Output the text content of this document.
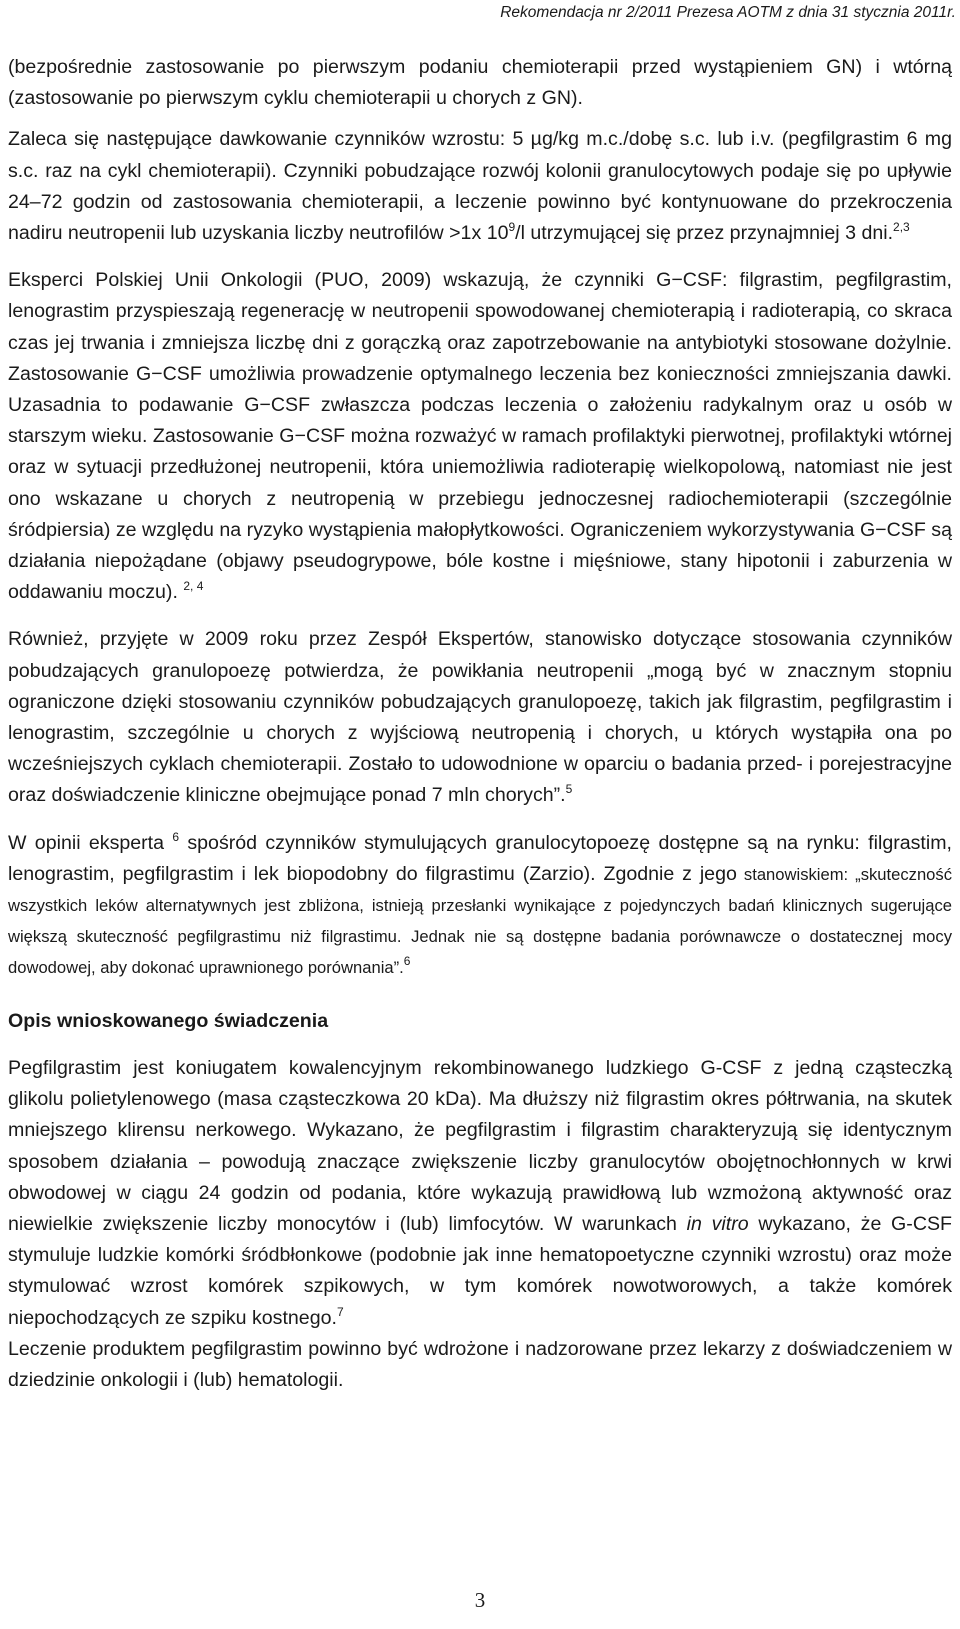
Rekomendacja nr 2/2011 Prezesa AOTM z dnia 31 stycznia 2011r.

(bezpośrednie zastosowanie po pierwszym podaniu chemioterapii przed wystąpieniem GN) i wtórną (zastosowanie po pierwszym cyklu chemioterapii u chorych z GN).

Zaleca się następujące dawkowanie czynników wzrostu: 5 µg/kg m.c./dobę s.c. lub i.v. (pegfilgrastim 6 mg s.c. raz na cykl chemioterapii). Czynniki pobudzające rozwój kolonii granulocytowych podaje się po upływie 24–72 godzin od zastosowania chemioterapii, a leczenie powinno być kontynuowane do przekroczenia nadiru neutropenii lub uzyskania liczby neutrofilów >1x $10^9/l$ utrzymującej się przez przynajmniej 3 dni.$^{2,3}$

Eksperci Polskiej Unii Onkologii (PUO, 2009) wskazują, że czynniki G−CSF: filgrastim, pegfilgrastim, lenograstim przyspieszają regenerację w neutropenii spowodowanej chemioterapią i radioterapią, co skraca czas jej trwania i zmniejsza liczbę dni z gorączką oraz zapotrzebowanie na antybiotyki stosowane dożylnie. Zastosowanie G−CSF umożliwia prowadzenie optymalnego leczenia bez konieczności zmniejszania dawki. Uzasadnia to podawanie G−CSF zwłaszcza podczas leczenia o założeniu radykalnym oraz u osób w starszym wieku. Zastosowanie G−CSF można rozważyć w ramach profilaktyki pierwotnej, profilaktyki wtórnej oraz w sytuacji przedłużonej neutropenii, która uniemożliwia radioterapię wielkopolową, natomiast nie jest ono wskazane u chorych z neutropenią w przebiegu jednoczesnej radiochemioterapii (szczególnie śródpiersia) ze względu na ryzyko wystąpienia małopłytkowości. Ograniczeniem wykorzystywania G−CSF są działania niepożądane (objawy pseudogrypowe, bóle kostne i mięśniowe, stany hipotonii i zaburzenia w oddawaniu moczu). $^{2, 4}$

Również, przyjęte w 2009 roku przez Zespół Ekspertów, stanowisko dotyczące stosowania czynników pobudzających granulopoezę potwierdza, że powikłania neutropenii „mogą być w znacznym stopniu ograniczone dzięki stosowaniu czynników pobudzających granulopoezę, takich jak filgrastim, pegfilgrastim i lenograstim, szczególnie u chorych z wyjściową neutropenią i chorych, u których wystąpiła ona po wcześniejszych cyklach chemioterapii. Zostało to udowodnione w oparciu o badania przed- i porejestracyjne oraz doświadczenie kliniczne obejmujące ponad 7 mln chorych”.$^5$

W opinii eksperta $^6$ spośród czynników stymulujących granulocytopoezę dostępne są na rynku: filgrastim, lenograstim, pegfilgrastim i lek biopodobny do filgrastimu (Zarzio). Zgodnie z jego stanowiskiem: „skuteczność wszystkich leków alternatywnych jest zbliżona, istnieją przesłanki wynikające z pojedynczych badań klinicznych sugerujące większą skuteczność pegfilgrastimu niż filgrastimu. Jednak nie są dostępne badania porównawcze o dostatecznej mocy dowodowej, aby dokonać uprawnionego porównania”.$^6$

Opis wnioskowanego świadczenia

Pegfilgrastim jest koniugatem kowalencyjnym rekombinowanego ludzkiego G-CSF z jedną cząsteczką glikolu polietylenowego (masa cząsteczkowa 20 kDa). Ma dłuższy niż filgrastim okres półtrwania, na skutek mniejszego klirensu nerkowego. Wykazano, że pegfilgrastim i filgrastim charakteryzują się identycznym sposobem działania – powodują znaczące zwiększenie liczby granulocytów obojętnochłonnych w krwi obwodowej w ciągu 24 godzin od podania, które wykazują prawidłową lub wzmożoną aktywność oraz niewielkie zwiększenie liczby monocytów i (lub) limfocytów. W warunkach in vitro wykazano, że G-CSF stymuluje ludzkie komórki śródbłonkowe (podobnie jak inne hematopoetyczne czynniki wzrostu) oraz może stymulować wzrost komórek szpikowych, w tym komórek nowotworowych, a także komórek niepochodzących ze szpiku kostnego.$^7$

Leczenie produktem pegfilgrastim powinno być wdrożone i nadzorowane przez lekarzy z doświadczeniem w dziedzinie onkologii i (lub) hematologii.

3
